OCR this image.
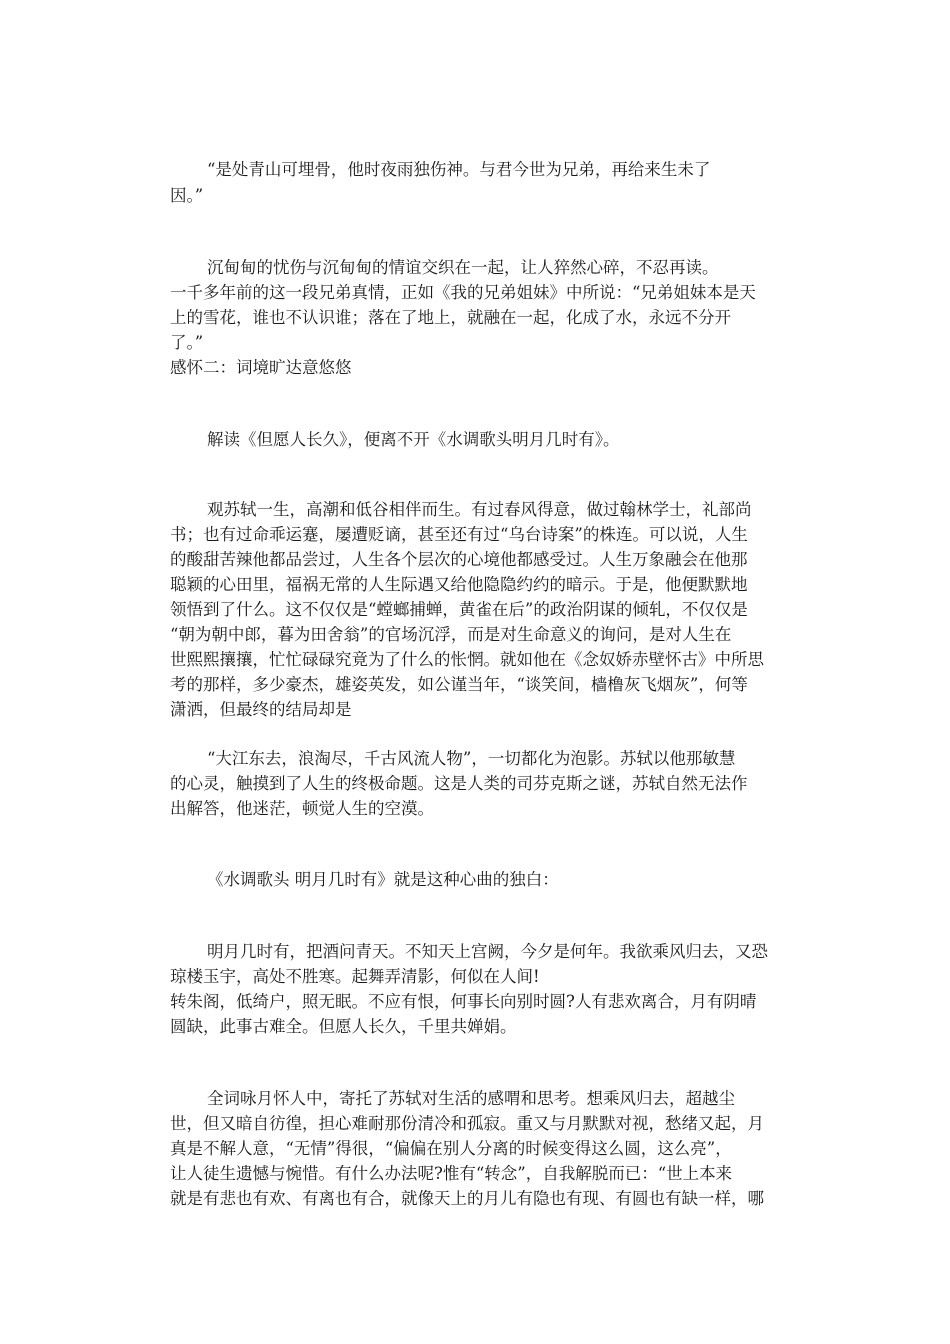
“是处青山可埋骨，他时夜雨独伤神。与君今世为兄弟，再给来生未了
因。”
沉甸甸的忧伤与沉甸甸的情谊交织在一起，让人猝然心碎，不忍再读。
一千多年前的这一段兄弟真情，正如《我的兄弟姐妹》中所说：“兄弟姐妹本是天
上的雪花，谁也不认识谁；落在了地上，就融在一起，化成了水，永远不分开
了。”
感怀二：词境旷达意悠悠
解读《但愿人长久》，便离不开《水调歌头明月几时有》。
观苏轼一生，高潮和低谷相伴而生。有过春风得意，做过翰林学士，礼部尚
书；也有过命乖运蹇，屡遭贬谪，甚至还有过“乌台诗案”的株连。可以说，人生
的酸甜苦辣他都品尝过，人生各个层次的心境他都感受过。人生万象融会在他那
聪颖的心田里，福祸无常的人生际遇又给他隐隐约约的暗示。于是，他便默默地
领悟到了什么。这不仅仅是“螳螂捕蝉，黄雀在后”的政治阴谋的倾轧，不仅仅是
“朝为朝中郎，暮为田舍翁”的官场沉浮，而是对生命意义的询问，是对人生在
世熙熙攘攘，忙忙碌碌究竟为了什么的怅惘。就如他在《念奴娇赤壁怀古》中所思
考的那样，多少豪杰，雄姿英发，如公谨当年，“谈笑间，樯橹灰飞烟灰”，何等
潇洒，但最终的结局却是
“大江东去，浪淘尽，千古风流人物”，一切都化为泡影。苏轼以他那敏慧
的心灵，触摸到了人生的终极命题。这是人类的司芬克斯之谜，苏轼自然无法作
出解答，他迷茫，顿觉人生的空漠。
《水调歌头 明月几时有》就是这种心曲的独白：
明月几时有，把酒问青天。不知天上宫阙，今夕是何年。我欲乘风归去，又恐
琼楼玉宇，高处不胜寒。起舞弄清影，何似在人间!
转朱阁，低绮户，照无眠。不应有恨，何事长向别时圆?人有悲欢离合，月有阴晴
圆缺，此事古难全。但愿人长久，千里共婵娟。
全词咏月怀人中，寄托了苏轼对生活的感喟和思考。想乘风归去，超越尘
世，但又暗自彷徨，担心难耐那份清冷和孤寂。重又与月默默对视，愁绪又起，月
真是不解人意，“无情”得很，“偏偏在别人分离的时候变得这么圆，这么亮”，
让人徒生遗憾与惋惜。有什么办法呢?惟有“转念”，自我解脱而已：“世上本来
就是有悲也有欢、有离也有合，就像天上的月儿有隐也有现、有圆也有缺一样，哪
